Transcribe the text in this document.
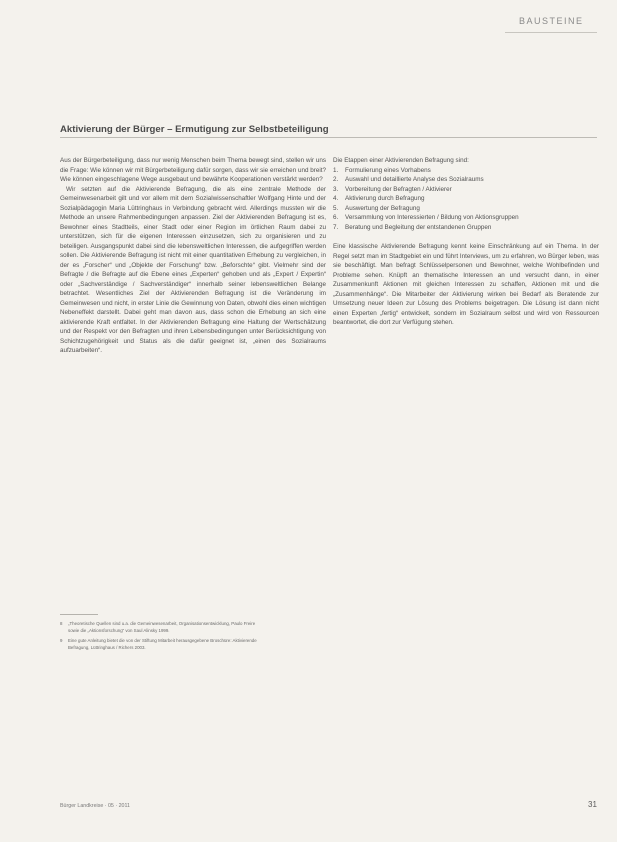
BAUSTEINE
Aktivierung der Bürger – Ermutigung zur Selbstbeteiligung

Aus der Bürgerbeteiligung, dass nur wenig Menschen beim Thema bewegt sind, stellen wir uns die Frage: Wie können wir mit Bürgerbeteiligung dafür sorgen, dass wir sie erreichen und breit? Wie können eingeschlagene Wege ausgebaut und bewährte Kooperationen verstärkt werden?

Wir setzten auf die Aktivierende Befragung, die als eine zentrale Methode der Gemeinwesenarbeit gilt und vor allem mit dem Sozialwissenschaftler Wolfgang Hinte und der Sozialpädagogin Maria Lüttringhaus in Verbindung gebracht wird. Allerdings mussten wir die Methode an unsere Rahmenbedingungen anpassen. Ziel der Aktivierenden Befragung ist es, Bewohner eines Stadtteils, einer Stadt oder einer Region im örtlichen Raum dabei zu unterstützen, sich für die eigenen Interessen einzusetzen, sich zu organisieren und zu beteiligen. Ausgangspunkt dabei sind die lebensweltlichen Interessen, die aufgegriffen werden sollen. Die Aktivierende Befragung ist nicht mit einer quantitativen Erhebung zu vergleichen, in der es „Forscher“ und „Objekte der Forschung“ bzw. „Beforschte“ gibt. Vielmehr sind der Befragte / die Befragte auf die Ebene eines „Experten“ gehoben und als „Expert / Expertin“ oder „Sachverständige / Sachverständiger“ innerhalb seiner lebensweltlichen Belange betrachtet. Wesentliches Ziel der Aktivierenden Befragung ist die Veränderung im Gemeinwesen und nicht, in erster Linie die Gewinnung von Daten, obwohl dies einen wichtigen Nebeneffekt darstellt. Dabei geht man davon aus, dass schon die Erhebung an sich eine aktivierende Kraft entfaltet. In der Aktivierenden Befragung eine Haltung der Wertschätzung und der Respekt vor den Befragten und ihren Lebensbedingungen unter Berücksichtigung von Schichtzugehörigkeit und Status als die dafür geeignet ist, „einen des Sozialraums aufzuarbeiten“.

Die Etappen einer Aktivierenden Befragung sind:

1.	Formulierung eines Vorhabens
2.	Auswahl und detaillierte Analyse des Sozialraums
3.	Vorbereitung der Befragten / Aktivierer
4.	Aktivierung durch Befragung
5.	Auswertung der Befragung
6.	Versammlung von Interessierten / Bildung von Aktionsgruppen
7.	Beratung und Begleitung der entstandenen Gruppen

Eine klassische Aktivierende Befragung kennt keine Einschränkung auf ein Thema. In der Regel setzt man im Stadtgebiet ein und führt Interviews, um zu erfahren, wo Bürger leben, was sie beschäftigt. Man befragt Schlüsselpersonen und Bewohner, welche Wohlbefinden und Probleme sehen. Knüpft an thematische Interessen an und versucht dann, in einer Zusammenkunft Aktionen mit gleichen Interessen zu schaffen, Aktionen mit und die „Zusammenhänge“. Die Mitarbeiter der Aktivierung wirken bei Bedarf als Beratende zur Umsetzung neuer Ideen zur Lösung des Problems beigetragen. Die Lösung ist dann nicht einen Experten „fertig“ entwickelt, sondern im Sozialraum selbst und wird von Ressourcen beantwortet, die dort zur Verfügung stehen.

8	„Theoretische Quellen sind u.a. die Gemeinwesenarbeit, Organisationsentwicklung, Paulo Freire sowie die „Aktionsforschung“ von Saul Alinsky 1999.
9	Eine gute Anleitung bietet die von der Stiftung Mitarbeit herausgegebene Broschüre: Aktivierende Befragung, Lüttringhaus / Richers 2003.
Bürger Landkreise · 05 · 2011	31
